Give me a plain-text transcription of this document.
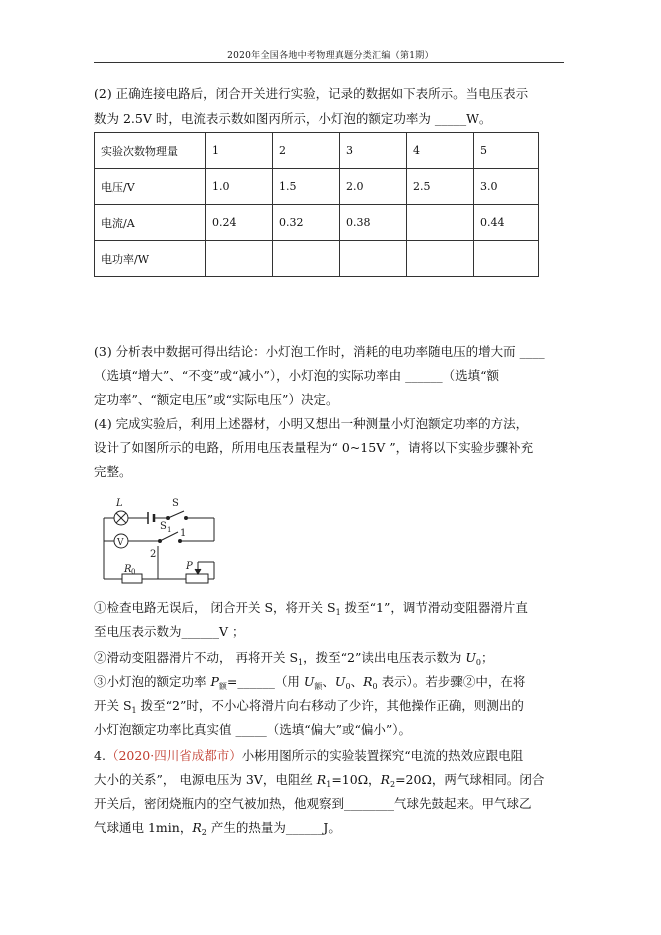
2020年全国各地中考物理真题分类汇编（第1期）
(2) 正确连接电路后，闭合开关进行实验，记录的数据如下表所示。当电压表示
数为 2.5V 时，电流表示数如图丙所示，小灯泡的额定功率为 _____W。
实验次数物理量	1	2	3	4	5
电压/V	1.0	1.5	2.0	2.5	3.0
电流/A	0.24	0.32	0.38		0.44
电功率/W					
(3) 分析表中数据可得出结论：小灯泡工作时，消耗的电功率随电压的增大而 ____
（选填“增大”、“不变”或“减小”），小灯泡的实际功率由 ______（选填“额
定功率”、“额定电压”或“实际电压”）决定。
(4) 完成实验后，利用上述器材，小明又想出一种测量小灯泡额定功率的方法，
设计了如图所示的电路，所用电压表量程为“ 0~15V ”，请将以下实验步骤补充
完整。
L
V
S
S 1 1
2
R 0	P
①检查电路无误后， 闭合开关 S，将开关 $S_1$ 拨至“1”，调节滑动变阻器滑片直
至电压表示数为______V ；
②滑动变阻器滑片不动， 再将开关 $S_1$，拨至“2”读出电压表示数为 $U_0$；
③小灯泡的额定功率 $P_额=\_\_\_\_\_\_$（用 $U_额$、$U_0$、$R_0$ 表示）。若步骤②中，在将
开关 $S_1$ 拨至“2”时，不小心将滑片向右移动了少许，其他操作正确，则测出的
小灯泡额定功率比真实值 _____（选填“偏大”或“偏小”）。
4.（2020·四川省成都市）小彬用图所示的实验装置探究“电流的热效应跟电阻
大小的关系”， 电源电压为 3V，电阻丝 $R_1=10\Omega$，$R_2=20\Omega$，两气球相同。闭合
开关后，密闭烧瓶内的空气被加热，他观察到________气球先鼓起来。甲气球乙
气球通电 1min，$R_2$ 产生的热量为______J。
